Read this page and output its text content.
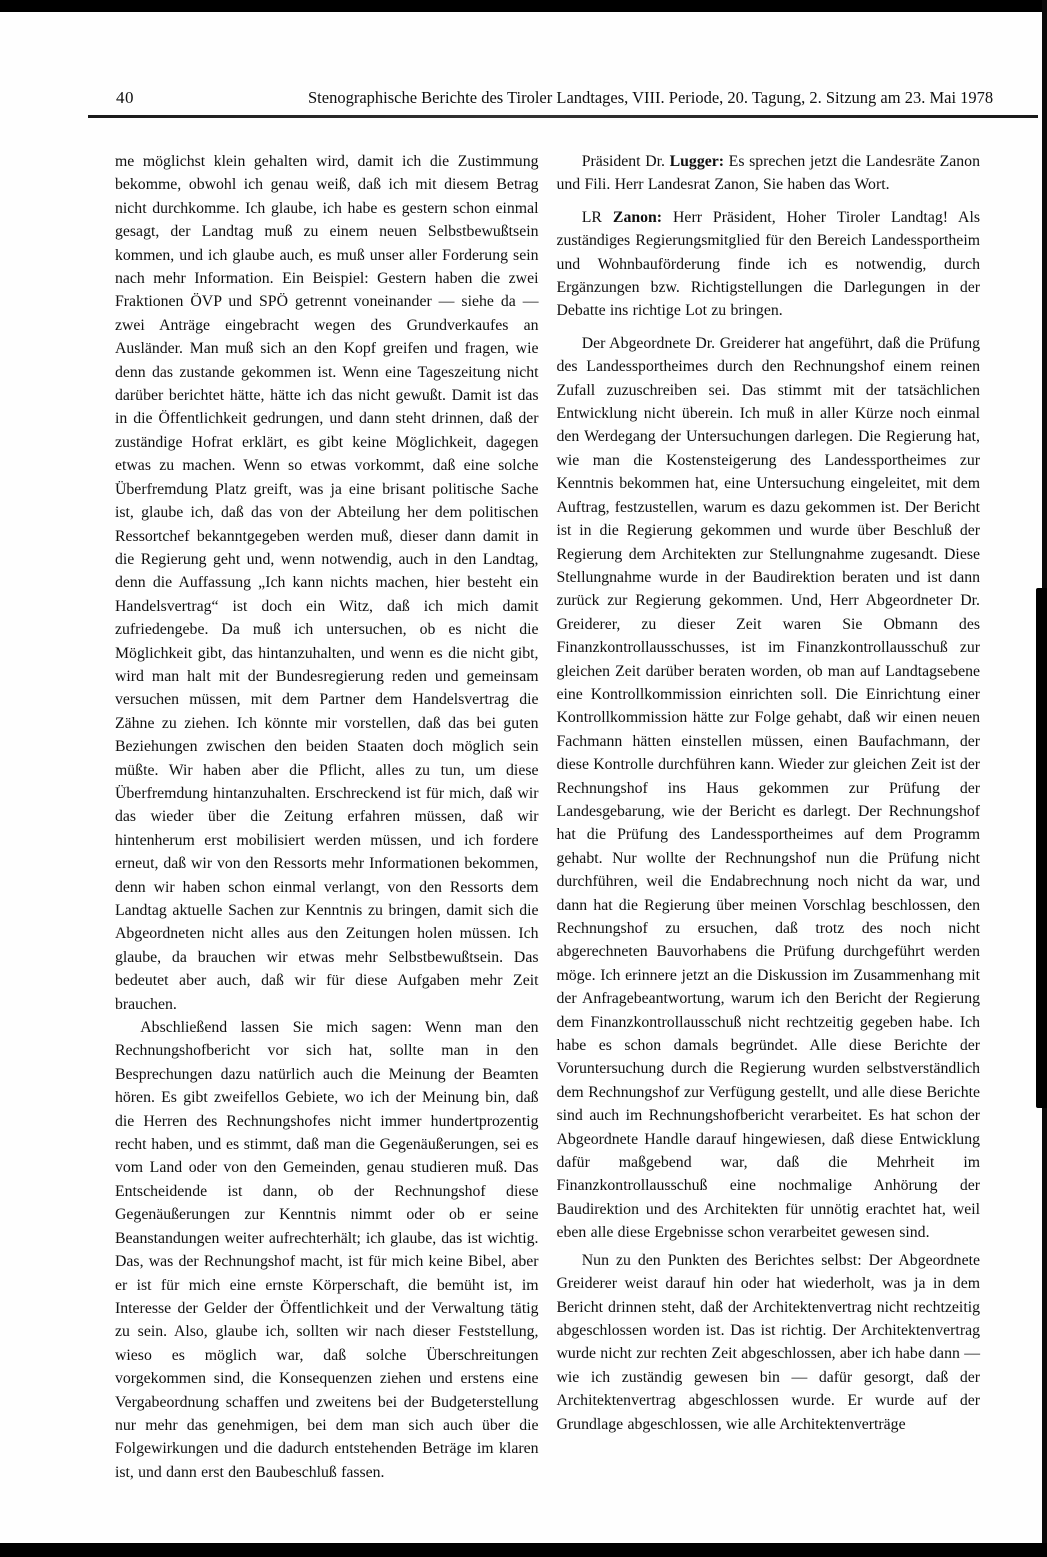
40	Stenographische Berichte des Tiroler Landtages, VIII. Periode, 20. Tagung, 2. Sitzung am 23. Mai 1978

me möglichst klein gehalten wird, damit ich die Zustimmung bekomme, obwohl ich genau weiß, daß ich mit diesem Betrag nicht durchkomme. Ich glaube, ich habe es gestern schon einmal gesagt, der Landtag muß zu einem neuen Selbstbewußtsein kommen, und ich glaube auch, es muß unser aller Forderung sein nach mehr Information. Ein Beispiel: Gestern haben die zwei Fraktionen ÖVP und SPÖ getrennt voneinander — siehe da — zwei Anträge eingebracht wegen des Grundverkaufes an Ausländer. Man muß sich an den Kopf greifen und fragen, wie denn das zustande gekommen ist. Wenn eine Tageszeitung nicht darüber berichtet hätte, hätte ich das nicht gewußt. Damit ist das in die Öffentlichkeit gedrungen, und dann steht drinnen, daß der zuständige Hofrat erklärt, es gibt keine Möglichkeit, dagegen etwas zu machen. Wenn so etwas vorkommt, daß eine solche Überfremdung Platz greift, was ja eine brisant politische Sache ist, glaube ich, daß das von der Abteilung her dem politischen Ressortchef bekanntgegeben werden muß, dieser dann damit in die Regierung geht und, wenn notwendig, auch in den Landtag, denn die Auffassung „Ich kann nichts machen, hier besteht ein Handelsvertrag“ ist doch ein Witz, daß ich mich damit zufriedengebe. Da muß ich untersuchen, ob es nicht die Möglichkeit gibt, das hintanzuhalten, und wenn es die nicht gibt, wird man halt mit der Bundesregierung reden und gemeinsam versuchen müssen, mit dem Partner dem Handelsvertrag die Zähne zu ziehen. Ich könnte mir vorstellen, daß das bei guten Beziehungen zwischen den beiden Staaten doch möglich sein müßte. Wir haben aber die Pflicht, alles zu tun, um diese Überfremdung hintanzuhalten. Erschreckend ist für mich, daß wir das wieder über die Zeitung erfahren müssen, daß wir hintenherum erst mobilisiert werden müssen, und ich fordere erneut, daß wir von den Ressorts mehr Informationen bekommen, denn wir haben schon einmal verlangt, von den Ressorts dem Landtag aktuelle Sachen zur Kenntnis zu bringen, damit sich die Abgeordneten nicht alles aus den Zeitungen holen müssen. Ich glaube, da brauchen wir etwas mehr Selbstbewußtsein. Das bedeutet aber auch, daß wir für diese Aufgaben mehr Zeit brauchen.

Abschließend lassen Sie mich sagen: Wenn man den Rechnungshofbericht vor sich hat, sollte man in den Besprechungen dazu natürlich auch die Meinung der Beamten hören. Es gibt zweifellos Gebiete, wo ich der Meinung bin, daß die Herren des Rechnungshofes nicht immer hundertprozentig recht haben, und es stimmt, daß man die Gegenäußerungen, sei es vom Land oder von den Gemeinden, genau studieren muß. Das Entscheidende ist dann, ob der Rechnungshof diese Gegenäußerungen zur Kenntnis nimmt oder ob er seine Beanstandungen weiter aufrechterhält; ich glaube, das ist wichtig. Das, was der Rechnungshof macht, ist für mich keine Bibel, aber er ist für mich eine ernste Körperschaft, die bemüht ist, im Interesse der Gelder der Öffentlichkeit und der Verwaltung tätig zu sein. Also, glaube ich, sollten wir nach dieser Feststellung, wieso es möglich war, daß solche Überschreitungen vorgekommen sind, die Konsequenzen ziehen und erstens eine Vergabeordnung schaffen und zweitens bei der Budgeterstellung nur mehr das genehmigen, bei dem man sich auch über die Folgewirkungen und die dadurch entstehenden Beträge im klaren ist, und dann erst den Baubeschluß fassen.

Präsident Dr. Lugger: Es sprechen jetzt die Landesräte Zanon und Fili. Herr Landesrat Zanon, Sie haben das Wort.

LR Zanon: Herr Präsident, Hoher Tiroler Landtag! Als zuständiges Regierungsmitglied für den Bereich Landessportheim und Wohnbauförderung finde ich es notwendig, durch Ergänzungen bzw. Richtigstellungen die Darlegungen in der Debatte ins richtige Lot zu bringen.

Der Abgeordnete Dr. Greiderer hat angeführt, daß die Prüfung des Landessportheimes durch den Rechnungshof einem reinen Zufall zuzuschreiben sei. Das stimmt mit der tatsächlichen Entwicklung nicht überein. Ich muß in aller Kürze noch einmal den Werdegang der Untersuchungen darlegen. Die Regierung hat, wie man die Kostensteigerung des Landessportheimes zur Kenntnis bekommen hat, eine Untersuchung eingeleitet, mit dem Auftrag, festzustellen, warum es dazu gekommen ist. Der Bericht ist in die Regierung gekommen und wurde über Beschluß der Regierung dem Architekten zur Stellungnahme zugesandt. Diese Stellungnahme wurde in der Baudirektion beraten und ist dann zurück zur Regierung gekommen. Und, Herr Abgeordneter Dr. Greiderer, zu dieser Zeit waren Sie Obmann des Finanzkontrollausschusses, ist im Finanzkontrollausschuß zur gleichen Zeit darüber beraten worden, ob man auf Landtagsebene eine Kontrollkommission einrichten soll. Die Einrichtung einer Kontrollkommission hätte zur Folge gehabt, daß wir einen neuen Fachmann hätten einstellen müssen, einen Baufachmann, der diese Kontrolle durchführen kann. Wieder zur gleichen Zeit ist der Rechnungshof ins Haus gekommen zur Prüfung der Landesgebarung, wie der Bericht es darlegt. Der Rechnungshof hat die Prüfung des Landessportheimes auf dem Programm gehabt. Nur wollte der Rechnungshof nun die Prüfung nicht durchführen, weil die Endabrechnung noch nicht da war, und dann hat die Regierung über meinen Vorschlag beschlossen, den Rechnungshof zu ersuchen, daß trotz des noch nicht abgerechneten Bauvorhabens die Prüfung durchgeführt werden möge. Ich erinnere jetzt an die Diskussion im Zusammenhang mit der Anfragebeantwortung, warum ich den Bericht der Regierung dem Finanzkontrollausschuß nicht rechtzeitig gegeben habe. Ich habe es schon damals begründet. Alle diese Berichte der Voruntersuchung durch die Regierung wurden selbstverständlich dem Rechnungshof zur Verfügung gestellt, und alle diese Berichte sind auch im Rechnungshofbericht verarbeitet. Es hat schon der Abgeordnete Handle darauf hingewiesen, daß diese Entwicklung dafür maßgebend war, daß die Mehrheit im Finanzkontrollausschuß eine nochmalige Anhörung der Baudirektion und des Architekten für unnötig erachtet hat, weil eben alle diese Ergebnisse schon verarbeitet gewesen sind.

Nun zu den Punkten des Berichtes selbst: Der Abgeordnete Greiderer weist darauf hin oder hat wiederholt, was ja in dem Bericht drinnen steht, daß der Architektenvertrag nicht rechtzeitig abgeschlossen worden ist. Das ist richtig. Der Architektenvertrag wurde nicht zur rechten Zeit abgeschlossen, aber ich habe dann — wie ich zuständig gewesen bin — dafür gesorgt, daß der Architektenvertrag abgeschlossen wurde. Er wurde auf der Grundlage abgeschlossen, wie alle Architektenverträge
